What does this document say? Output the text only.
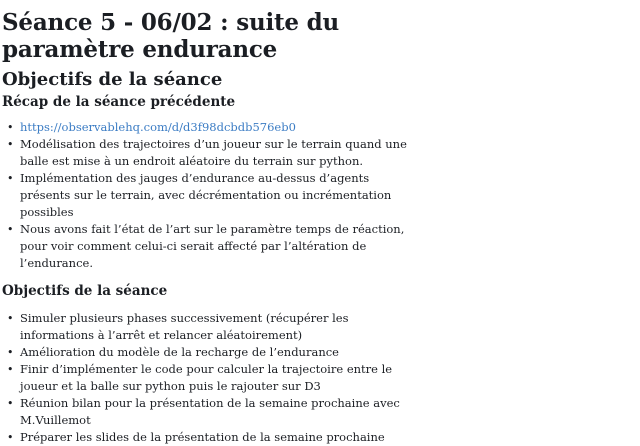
Séance 5 - 06/02 : suite du paramètre endurance
Objectifs de la séance
Récap de la séance précédente
• https://observablehq.com/d/d3f98dcbdb576eb0
• Modélisation des trajectoires d’un joueur sur le terrain quand une balle est mise à un endroit aléatoire du terrain sur python.
• Implémentation des jauges d’endurance au-dessus d’agents présents sur le terrain, avec décrémentation ou incrémentation possibles
• Nous avons fait l’état de l’art sur le paramètre temps de réaction, pour voir comment celui-ci serait affecté par l’altération de l’endurance.
Objectifs de la séance
• Simuler plusieurs phases successivement (récupérer les informations à l’arrêt et relancer aléatoirement)
• Amélioration du modèle de la recharge de l’endurance
• Finir d’implémenter le code pour calculer la trajectoire entre le joueur et la balle sur python puis le rajouter sur D3
• Réunion bilan pour la présentation de la semaine prochaine avec M.Vuillemot
• Préparer les slides de la présentation de la semaine prochaine
